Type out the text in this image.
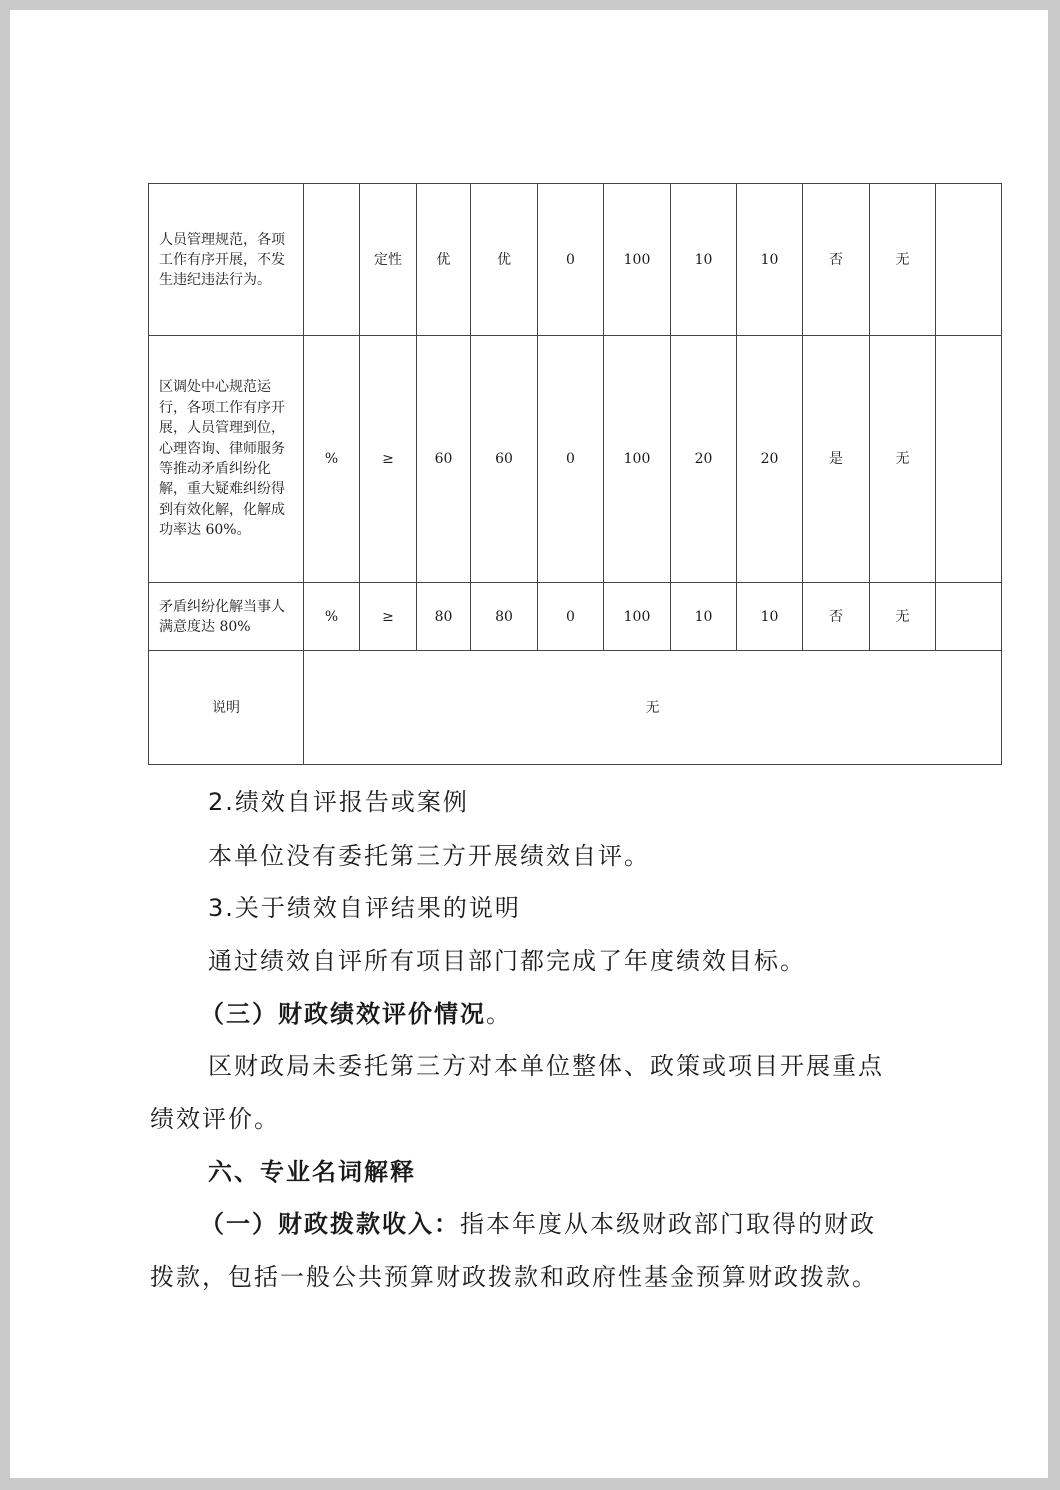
人员管理规范，各项工作有序开展，不发生违纪违法行为。		定性	优	优	0	100	10	10	否	无	
区调处中心规范运行，各项工作有序开展，人员管理到位，心理咨询、律师服务等推动矛盾纠纷化解，重大疑难纠纷得到有效化解，化解成功率达 60%。	%	≥	60	60	0	100	20	20	是	无	
矛盾纠纷化解当事人满意度达 80%	%	≥	80	80	0	100	10	10	否	无	
说明	无										
2.绩效自评报告或案例
本单位没有委托第三方开展绩效自评。
3.关于绩效自评结果的说明
通过绩效自评所有项目部门都完成了年度绩效目标。
（三）财政绩效评价情况。
区财政局未委托第三方对本单位整体、政策或项目开展重点
绩效评价。
六、专业名词解释
（一）财政拨款收入：指本年度从本级财政部门取得的财政
拨款，包括一般公共预算财政拨款和政府性基金预算财政拨款。
